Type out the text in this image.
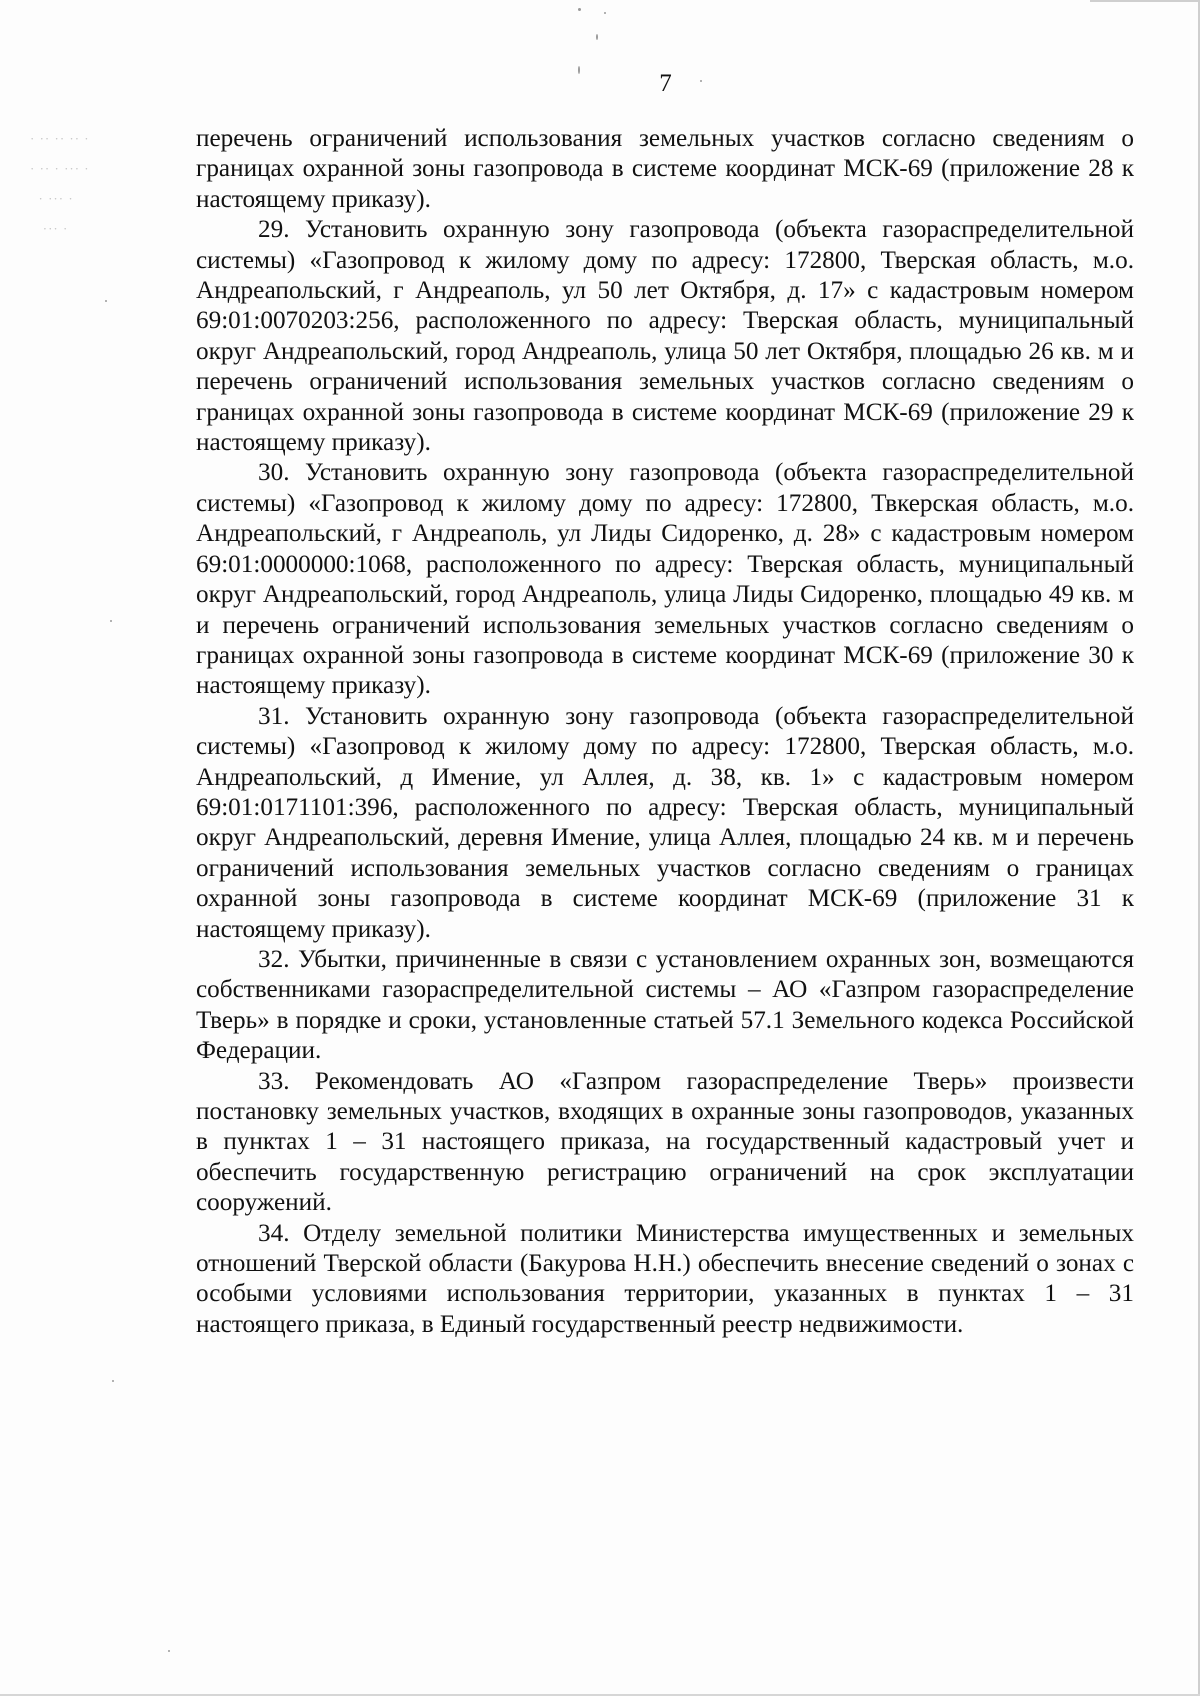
· ·· ·· ·· ·
· ·· · ··· ·
· ··· ·
··· ·
7

перечень ограничений использования земельных участков согласно сведениям о границах охранной зоны газопровода в системе координат МСК-69 (приложение 28 к настоящему приказу).

29. Установить охранную зону газопровода (объекта газораспределительной системы) «Газопровод к жилому дому по адресу: 172800, Тверская область, м.о. Андреапольский, г Андреаполь, ул 50 лет Октября, д. 17» с кадастровым номером 69:01:0070203:256, расположенного по адресу: Тверская область, муниципальный округ Андреапольский, город Андреаполь, улица 50 лет Октября, площадью 26 кв. м и перечень ограничений использования земельных участков согласно сведениям о границах охранной зоны газопровода в системе координат МСК-69 (приложение 29 к настоящему приказу).

30. Установить охранную зону газопровода (объекта газораспределительной системы) «Газопровод к жилому дому по адресу: 172800, Твкерская область, м.о. Андреапольский, г Андреаполь, ул Лиды Сидоренко, д. 28» с кадастровым номером 69:01:0000000:1068, расположенного по адресу: Тверская область, муниципальный округ Андреапольский, город Андреаполь, улица Лиды Сидоренко, площадью 49 кв. м и перечень ограничений использования земельных участков согласно сведениям о границах охранной зоны газопровода в системе координат МСК-69 (приложение 30 к настоящему приказу).

31. Установить охранную зону газопровода (объекта газораспределительной системы) «Газопровод к жилому дому по адресу: 172800, Тверская область, м.о. Андреапольский, д Имение, ул Аллея, д. 38, кв. 1» с кадастровым номером 69:01:0171101:396, расположенного по адресу: Тверская область, муниципальный округ Андреапольский, деревня Имение, улица Аллея, площадью 24 кв. м и перечень ограничений использования земельных участков согласно сведениям о границах охранной зоны газопровода в системе координат МСК-69 (приложение 31 к настоящему приказу).

32. Убытки, причиненные в связи с установлением охранных зон, возмещаются собственниками газораспределительной системы – АО «Газпром газораспределение Тверь» в порядке и сроки, установленные статьей 57.1 Земельного кодекса Российской Федерации.

33. Рекомендовать АО «Газпром газораспределение Тверь» произвести постановку земельных участков, входящих в охранные зоны газопроводов, указанных в пунктах 1 – 31 настоящего приказа, на государственный кадастровый учет и обеспечить государственную регистрацию ограничений на срок эксплуатации сооружений.

34. Отделу земельной политики Министерства имущественных и земельных отношений Тверской области (Бакурова Н.Н.) обеспечить внесение сведений о зонах с особыми условиями использования территории, указанных в пунктах 1 – 31 настоящего приказа, в Единый государственный реестр недвижимости.
